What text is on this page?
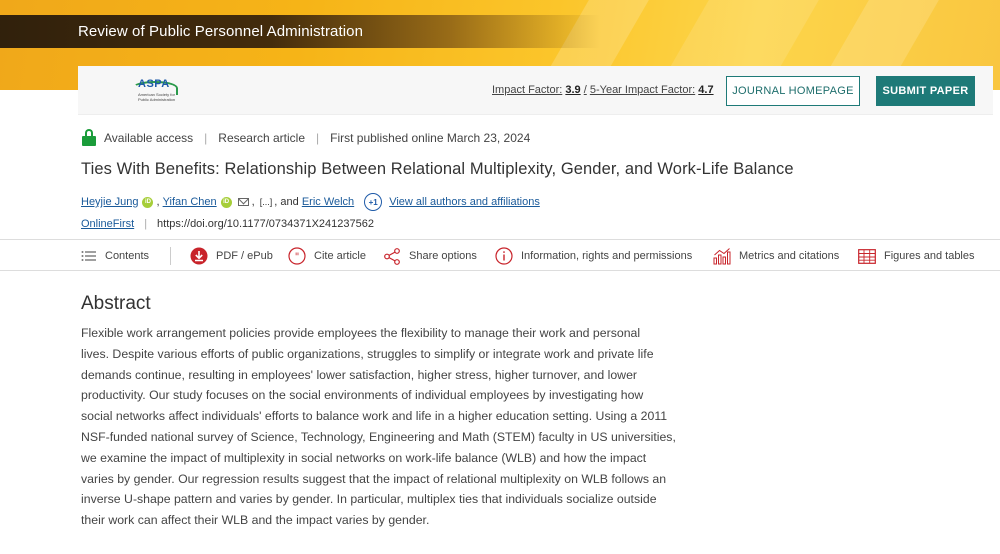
Review of Public Personnel Administration
ASPA
American Society for Public Administration
Impact Factor: 3.9 / 5-Year Impact Factor: 4.7	JOURNAL HOMEPAGE	SUBMIT PAPER
Available access | Research article | First published online March 23, 2024
Ties With Benefits: Relationship Between Relational Multiplexity, Gender, and Work-Life Balance
Heyjie Jung	iD , Yifan Chen	iD , [...] , and
Eric Welch	+1	View all authors and affiliations
OnlineFirst | https://doi.org/10.1177/0734371X241237562
Contents	PDF / ePub " Cite article	Share options	Information, rights and permissions	Metrics and citations	Figures and tables
Abstract
Flexible work arrangement policies provide employees the flexibility to manage their work and personal
lives. Despite various efforts of public organizations, struggles to simplify or integrate work and private life
demands continue, resulting in employees' lower satisfaction, higher stress, higher turnover, and lower
productivity. Our study focuses on the social environments of individual employees by investigating how
social networks affect individuals' efforts to balance work and life in a higher education setting. Using a 2011
NSF-funded national survey of Science, Technology, Engineering and Math (STEM) faculty in US universities,
we examine the impact of multiplexity in social networks on work-life balance (WLB) and how the impact
varies by gender. Our regression results suggest that the impact of relational multiplexity on WLB follows an
inverse U-shape pattern and varies by gender. In particular, multiplex ties that individuals socialize outside
their work can affect their WLB and the impact varies by gender.
